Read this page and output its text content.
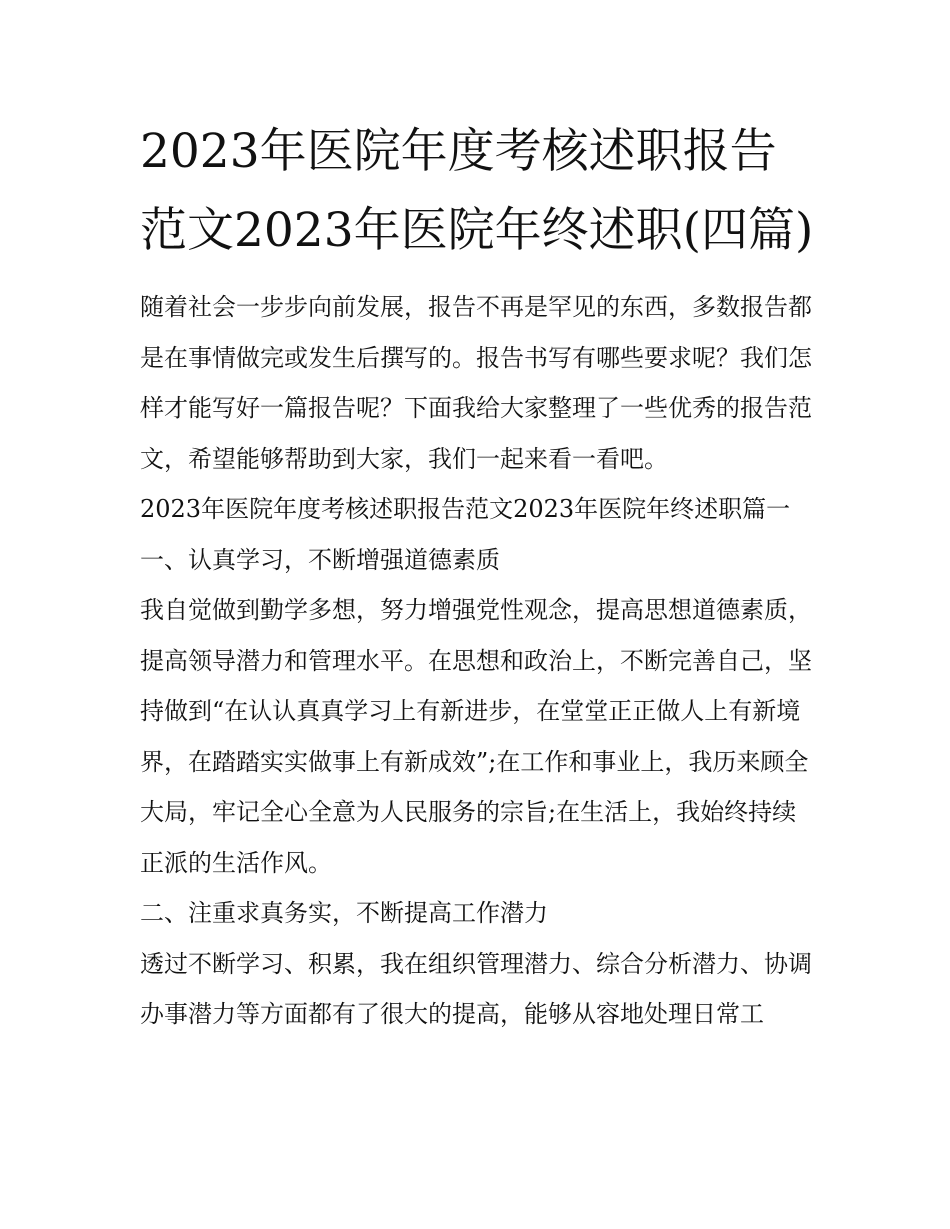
2023年医院年度考核述职报告范文2023年医院年终述职(四篇)

随着社会一步步向前发展，报告不再是罕见的东西，多数报告都是在事情做完或发生后撰写的。报告书写有哪些要求呢？我们怎样才能写好一篇报告呢？下面我给大家整理了一些优秀的报告范文，希望能够帮助到大家，我们一起来看一看吧。

2023年医院年度考核述职报告范文2023年医院年终述职篇一

一、认真学习，不断增强道德素质

我自觉做到勤学多想，努力增强党性观念，提高思想道德素质，提高领导潜力和管理水平。在思想和政治上，不断完善自己，坚持做到“在认认真真学习上有新进步，在堂堂正正做人上有新境界，在踏踏实实做事上有新成效”;在工作和事业上，我历来顾全大局，牢记全心全意为人民服务的宗旨;在生活上，我始终持续正派的生活作风。

二、注重求真务实，不断提高工作潜力

透过不断学习、积累，我在组织管理潜力、综合分析潜力、协调办事潜力等方面都有了很大的提高，能够从容地处理日常工
